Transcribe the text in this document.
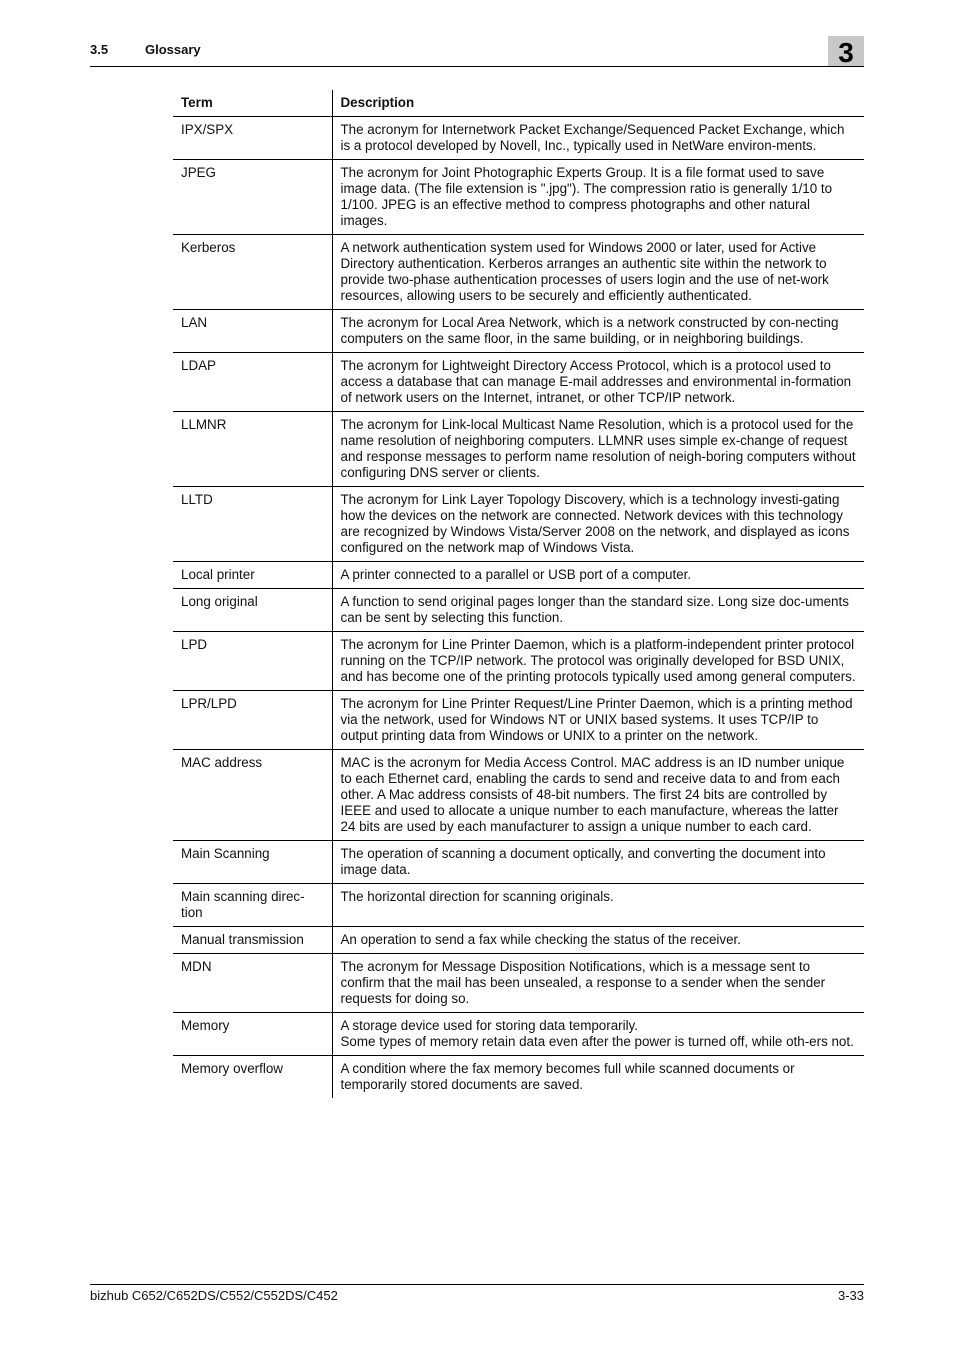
3.5	Glossary	3
Term	Description
IPX/SPX	The acronym for Internetwork Packet Exchange/Sequenced Packet Exchange, which is a protocol developed by Novell, Inc., typically used in NetWare environ-ments.
JPEG	The acronym for Joint Photographic Experts Group. It is a file format used to save image data. (The file extension is ".jpg"). The compression ratio is generally 1/10 to 1/100. JPEG is an effective method to compress photographs and other natural images.
Kerberos	A network authentication system used for Windows 2000 or later, used for Active Directory authentication. Kerberos arranges an authentic site within the network to provide two-phase authentication processes of users login and the use of net-work resources, allowing users to be securely and efficiently authenticated.
LAN	The acronym for Local Area Network, which is a network constructed by con-necting computers on the same floor, in the same building, or in neighboring buildings.
LDAP	The acronym for Lightweight Directory Access Protocol, which is a protocol used to access a database that can manage E-mail addresses and environmental in-formation of network users on the Internet, intranet, or other TCP/IP network.
LLMNR	The acronym for Link-local Multicast Name Resolution, which is a protocol used for the name resolution of neighboring computers. LLMNR uses simple ex-change of request and response messages to perform name resolution of neigh-boring computers without configuring DNS server or clients.
LLTD	The acronym for Link Layer Topology Discovery, which is a technology investi-gating how the devices on the network are connected. Network devices with this technology are recognized by Windows Vista/Server 2008 on the network, and displayed as icons configured on the network map of Windows Vista.
Local printer	A printer connected to a parallel or USB port of a computer.
Long original	A function to send original pages longer than the standard size. Long size doc-uments can be sent by selecting this function.
LPD	The acronym for Line Printer Daemon, which is a platform-independent printer protocol running on the TCP/IP network. The protocol was originally developed for BSD UNIX, and has become one of the printing protocols typically used among general computers.
LPR/LPD	The acronym for Line Printer Request/Line Printer Daemon, which is a printing method via the network, used for Windows NT or UNIX based systems. It uses TCP/IP to output printing data from Windows or UNIX to a printer on the network.
MAC address	MAC is the acronym for Media Access Control. MAC address is an ID number unique to each Ethernet card, enabling the cards to send and receive data to and from each other. A Mac address consists of 48-bit numbers. The first 24 bits are controlled by IEEE and used to allocate a unique number to each manufacture, whereas the latter 24 bits are used by each manufacturer to assign a unique number to each card.
Main Scanning	The operation of scanning a document optically, and converting the document into image data.
Main scanning direc-tion	The horizontal direction for scanning originals.
Manual transmission	An operation to send a fax while checking the status of the receiver.
MDN	The acronym for Message Disposition Notifications, which is a message sent to confirm that the mail has been unsealed, a response to a sender when the sender requests for doing so.
Memory	A storage device used for storing data temporarily.
Some types of memory retain data even after the power is turned off, while oth-ers not.
Memory overflow	A condition where the fax memory becomes full while scanned documents or temporarily stored documents are saved.
bizhub C652/C652DS/C552/C552DS/C452	3-33
